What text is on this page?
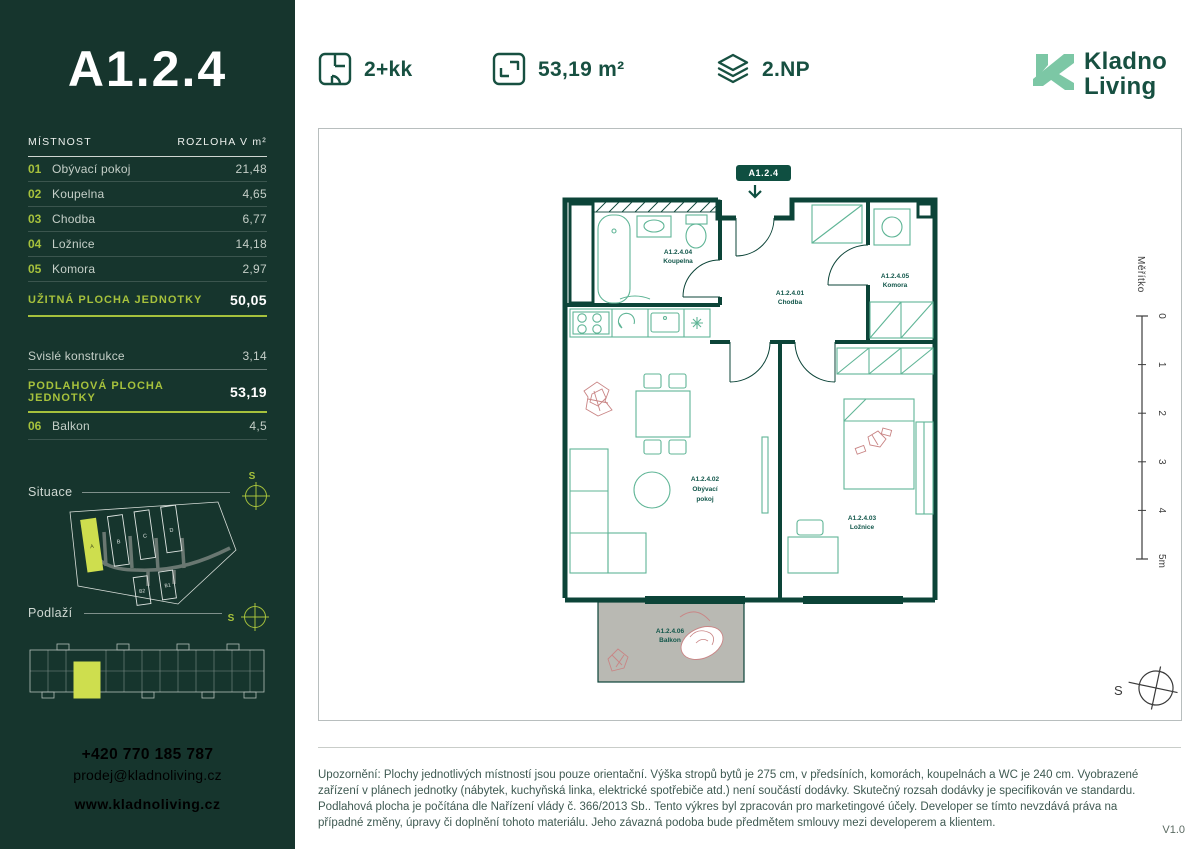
A1.2.4
MÍSTNOST	ROZLOHA V m²
01 Obývací pokoj	21,48
02 Koupelna	4,65
03 Chodba	6,77
04 Ložnice	14,18
05 Komora	2,97
UŽITNÁ PLOCHA JEDNOTKY 50,05
Svislé konstrukce	3,14
PODLAHOVÁ PLOCHA JEDNOTKY	53,19
06 Balkon	4,5
Situace
S
A
B
C
D
B2
B1
Podlaží	S
+420 770 185 787
prodej@kladnoliving.cz
www.kladnoliving.cz
2+kk	53,19 m²	2.NP	Kladno
Living
A1.2.4
A1.2.4.01
Chodba
A1.2.4.02
Obývací
pokoj
A1.2.4.03
Ložnice
A1.2.4.04
Koupelna
A1.2.4.05
Komora
A1.2.4.06
Balkon
Měřítko
0
1
2
3
4
5m
S

Upozornění: Plochy jednotlivých místností jsou pouze orientační. Výška stropů bytů je 275 cm, v předsíních, komorách, koupelnách a WC je 240 cm. Vyobrazené zařízení v plánech jednotky (nábytek, kuchyňská linka, elektrické spotřebiče atd.) není součástí dodávky. Skutečný rozsah dodávky je specifikován ve standardu. Podlahová plocha je počítána dle Nařízení vlády č. 366/2013 Sb.. Tento výkres byl zpracován pro marketingové účely. Developer se tímto nevzdává práva na případné změny, úpravy či doplnění tohoto materiálu. Jeho závazná podoba bude předmětem smlouvy mezi developerem a klientem.

V1.0
